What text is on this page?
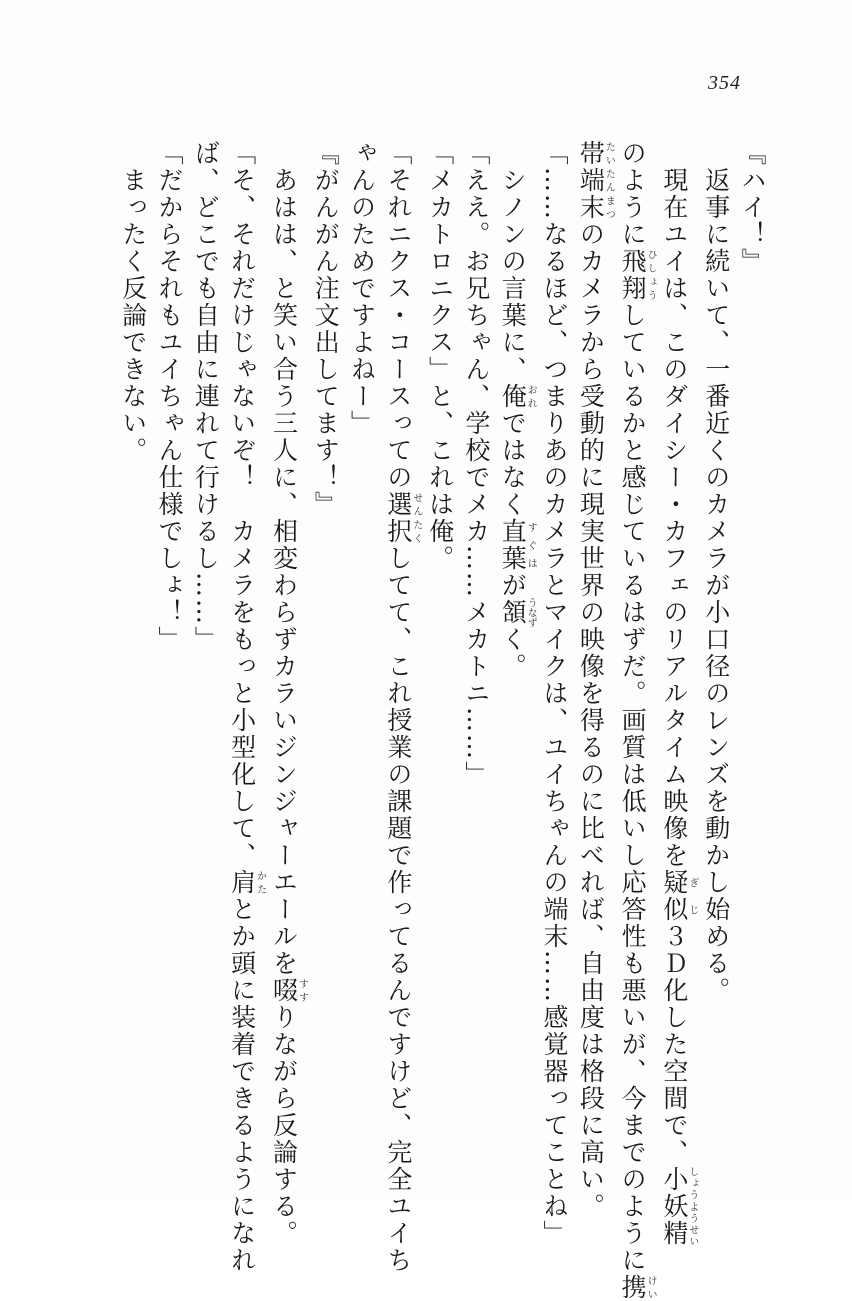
354
『ハイ！』
　返事に続いて、一番近くのカメラが小口径のレンズを動かし始める。
　現在ユイは、このダイシー・カフェのリアルタイム映像を疑似ぎじ３Ｄ化した空間で、小妖精しょうようせい
のように飛翔ひしょうしているかと感じているはずだ。画質は低いし応答性も悪いが、今までのように携けい
帯端末たいたんまつのカメラから受動的に現実世界の映像を得るのに比べれば、自由度は格段に高い。
「……なるほど、つまりあのカメラとマイクは、ユイちゃんの端末……感覚器ってことね」
　シノンの言葉に、俺おれではなく直葉すぐはが頷うなずく。
「ええ。お兄ちゃん、学校でメカ……メカトニ……」
「メカトロニクス」と、これは俺。
「それニクス・コースっての選択せんたくしてて、これ授業の課題で作ってるんですけど、完全ユイち
ゃんのためですよねー」
『がんがん注文出してます！』
　あはは、と笑い合う三人に、相変わらずカラいジンジャーエールを啜すすりながら反論する。
「そ、それだけじゃないぞ！　カメラをもっと小型化して、肩かたとか頭に装着できるようになれ
ば、どこでも自由に連れて行けるし……」
「だからそれもユイちゃん仕様でしょ！」
　まったく反論できない。
